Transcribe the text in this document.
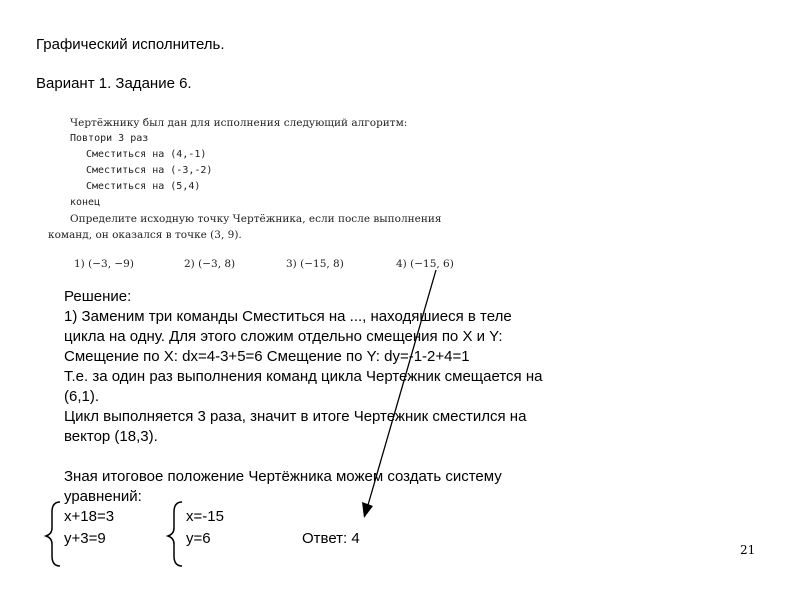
Графический исполнитель.
Вариант 1. Задание 6.
Чертёжнику был дан для исполнения следующий алгоритм:
Повтори 3 раз
Сместиться на (4,-1)
Сместиться на (-3,-2)
Сместиться на (5,4)
конец
Определите исходную точку Чертёжника, если после выполнения
команд, он оказался в точке (3, 9).
1) (−3, −9)	2) (−3, 8)	3) (−15, 8)	4) (−15, 6)
Решение:
1) Заменим три команды Сместиться на ..., находяшиеся в теле
цикла на одну. Для этого сложим отдельно смещения по X и Y:
Смещение по X: dx=4-3+5=6 Смещение по Y: dy=-1-2+4=1
Т.е. за один раз выполнения команд цикла Чертежник смещается на
(6,1).
Цикл выполняется 3 раза, значит в итоге Чертежник сместился на
вектор (18,3).
Зная итоговое положение Чертёжника можем создать систему
уравнений:
x+18=3
y+3=9
x=-15
y=6	Ответ: 4
21
